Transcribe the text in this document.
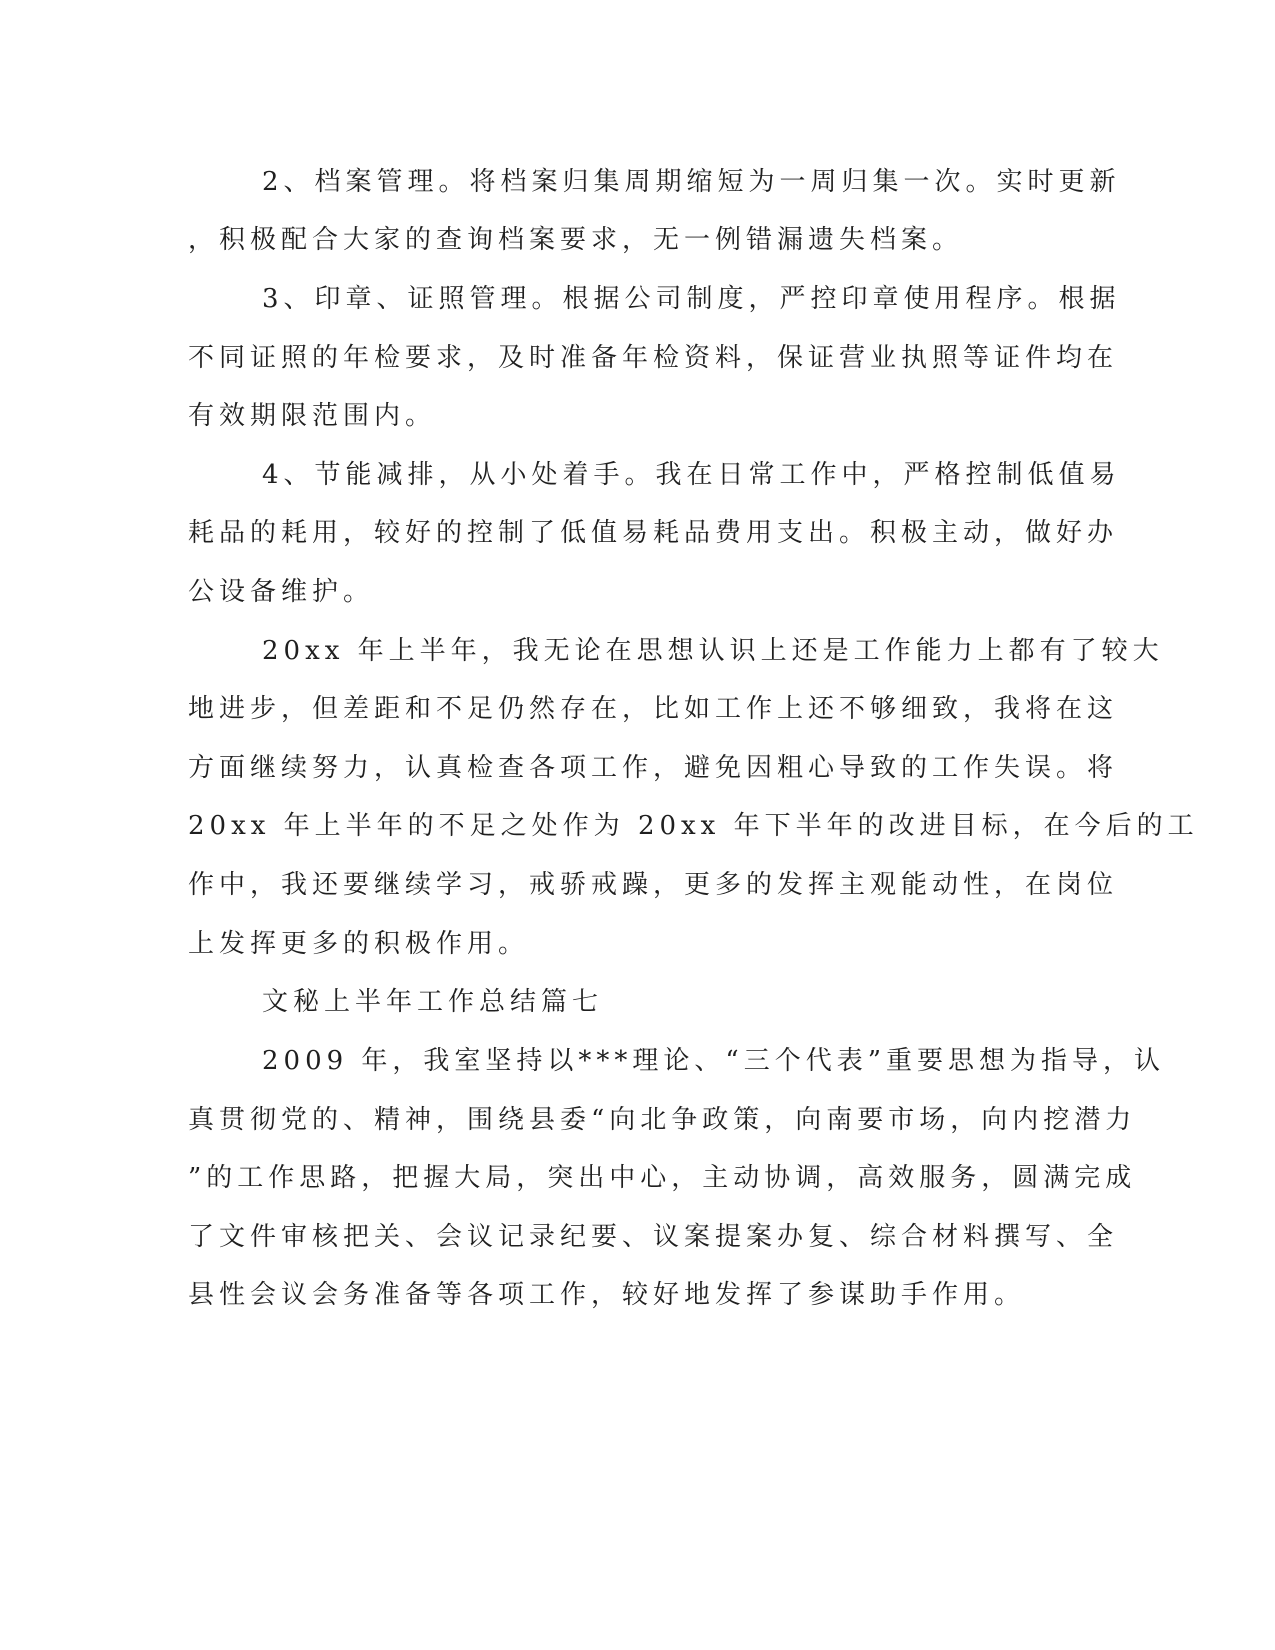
2、档案管理。将档案归集周期缩短为一周归集一次。实时更新
，积极配合大家的查询档案要求，无一例错漏遗失档案。
3、印章、证照管理。根据公司制度，严控印章使用程序。根据
不同证照的年检要求，及时准备年检资料，保证营业执照等证件均在
有效期限范围内。
4、节能减排，从小处着手。我在日常工作中，严格控制低值易
耗品的耗用，较好的控制了低值易耗品费用支出。积极主动，做好办
公设备维护。
20xx 年上半年，我无论在思想认识上还是工作能力上都有了较大
地进步，但差距和不足仍然存在，比如工作上还不够细致，我将在这
方面继续努力，认真检查各项工作，避免因粗心导致的工作失误。将
20xx 年上半年的不足之处作为 20xx 年下半年的改进目标，在今后的工
作中，我还要继续学习，戒骄戒躁，更多的发挥主观能动性，在岗位
上发挥更多的积极作用。
文秘上半年工作总结篇七
2009 年，我室坚持以***理论、“三个代表”重要思想为指导，认
真贯彻党的、精神，围绕县委“向北争政策，向南要市场，向内挖潜力
”的工作思路，把握大局，突出中心，主动协调，高效服务，圆满完成
了文件审核把关、会议记录纪要、议案提案办复、综合材料撰写、全
县性会议会务准备等各项工作，较好地发挥了参谋助手作用。
